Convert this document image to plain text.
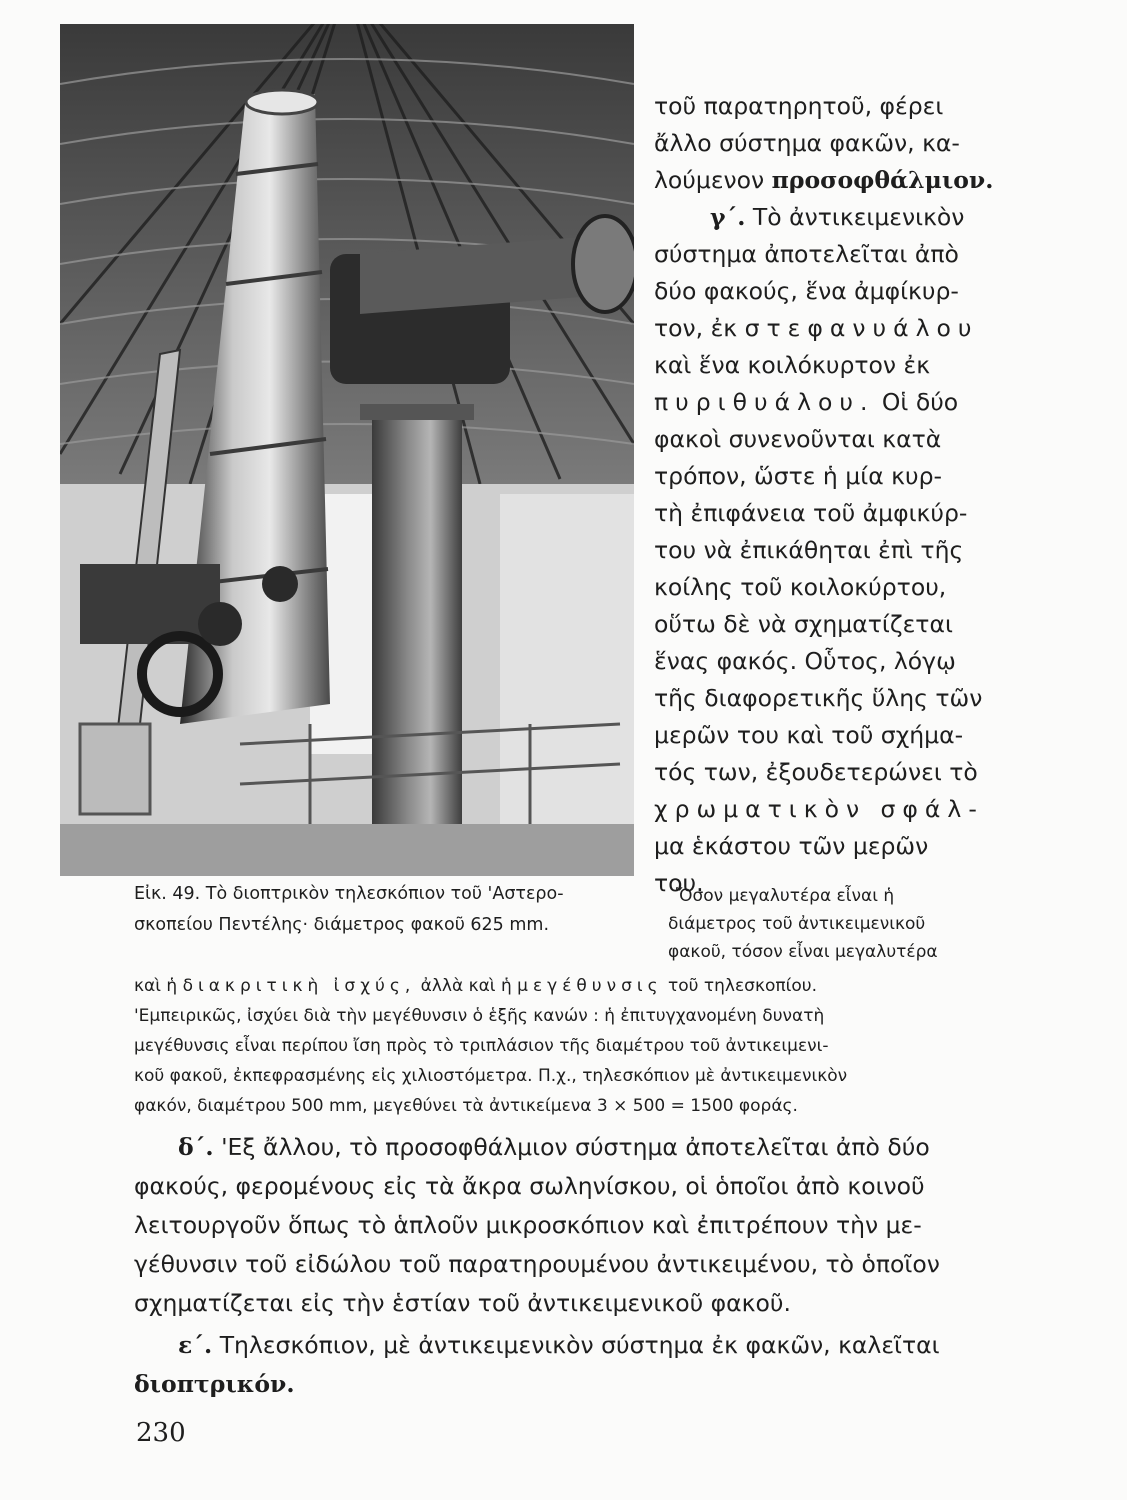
Εἰκ. 49. Τὸ διοπτρικὸν τηλεσκόπιον τοῦ 'Αστερο-
σκοπείου Πεντέλης· διάμετρος φακοῦ 625 mm.
τοῦ παρατηρητοῦ, φέρει
ἄλλο σύστημα φακῶν, κα-
λούμενον προσοφθάλμιον.
γ΄. Τὸ ἀντικειμενικὸν
σύστημα ἀποτελεῖται ἀπὸ
δύο φακούς, ἕνα ἀμφίκυρ-
τον, ἐκ στεφανυάλου
καὶ ἕνα κοιλόκυρτον ἐκ
πυριθυάλου. Οἱ δύο
φακοὶ συνενοῦνται κατὰ
τρόπον, ὥστε ἡ μία κυρ-
τὴ ἐπιφάνεια τοῦ ἀμφικύρ-
του νὰ ἐπικάθηται ἐπὶ τῆς
κοίλης τοῦ κοιλοκύρτου,
οὕτω δὲ νὰ σχηματίζεται
ἕνας φακός. Οὗτος, λόγῳ
τῆς διαφορετικῆς ὕλης τῶν
μερῶν του καὶ τοῦ σχήμα-
τός των, ἐξουδετερώνει τὸ
χρωματικὸν σφάλ-
μα ἑκάστου τῶν μερῶν
του.
Ὅσον μεγαλυτέρα εἶναι ἡ
διάμετρος τοῦ ἀντικειμενικοῦ
φακοῦ, τόσον εἶναι μεγαλυτέρα
καὶ ἡ διακριτικὴ ἰσχύς, ἀλλὰ καὶ ἡ μεγέθυνσις τοῦ τηλεσκοπίου.
'Εμπειρικῶς, ἰσχύει διὰ τὴν μεγέθυνσιν ὁ ἑξῆς κανών : ἡ ἐπιτυγχανομένη δυνατὴ
μεγέθυνσις εἶναι περίπου ἴση πρὸς τὸ τριπλάσιον τῆς διαμέτρου τοῦ ἀντικειμενι-
κοῦ φακοῦ, ἐκπεφρασμένης εἰς χιλιοστόμετρα. Π.χ., τηλεσκόπιον μὲ ἀντικειμενικὸν
φακόν, διαμέτρου 500 mm, μεγεθύνει τὰ ἀντικείμενα 3 × 500 = 1500 φοράς.
δ΄. 'Εξ ἄλλου, τὸ προσοφθάλμιον σύστημα ἀποτελεῖται ἀπὸ δύο
φακούς, φερομένους εἰς τὰ ἄκρα σωληνίσκου, οἱ ὁποῖοι ἀπὸ κοινοῦ
λειτουργοῦν ὅπως τὸ ἁπλοῦν μικροσκόπιον καὶ ἐπιτρέπουν τὴν με-
γέθυνσιν τοῦ εἰδώλου τοῦ παρατηρουμένου ἀντικειμένου, τὸ ὁποῖον
σχηματίζεται εἰς τὴν ἑστίαν τοῦ ἀντικειμενικοῦ φακοῦ.
ε΄. Τηλεσκόπιον, μὲ ἀντικειμενικὸν σύστημα ἐκ φακῶν, καλεῖται
διοπτρικόν.
230
